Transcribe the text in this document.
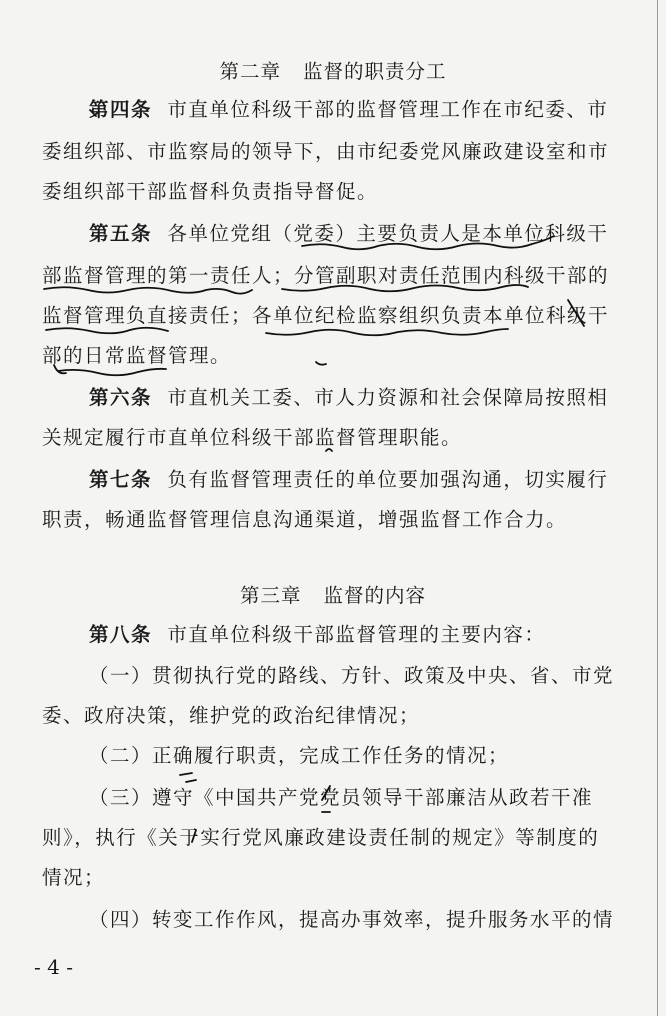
第二章 监督的职责分工
第四条 市直单位科级干部的监督管理工作在市纪委、市
委组织部、市监察局的领导下，由市纪委党风廉政建设室和市
委组织部干部监督科负责指导督促。
第五条 各单位党组（党委）主要负责人是本单位科级干
部监督管理的第一责任人；分管副职对责任范围内科级干部的
监督管理负直接责任；各单位纪检监察组织负责本单位科级干
部的日常监督管理。
第六条 市直机关工委、市人力资源和社会保障局按照相
关规定履行市直单位科级干部监督管理职能。
第七条 负有监督管理责任的单位要加强沟通，切实履行
职责，畅通监督管理信息沟通渠道，增强监督工作合力。
第三章 监督的内容
第八条 市直单位科级干部监督管理的主要内容：
（一）贯彻执行党的路线、方针、政策及中央、省、市党
委、政府决策，维护党的政治纪律情况；
（二）正确履行职责，完成工作任务的情况；
（三）遵守《中国共产党党员领导干部廉洁从政若干准
则》，执行《关于实行党风廉政建设责任制的规定》等制度的
情况；
（四）转变工作作风，提高办事效率，提升服务水平的情
- 4 -
